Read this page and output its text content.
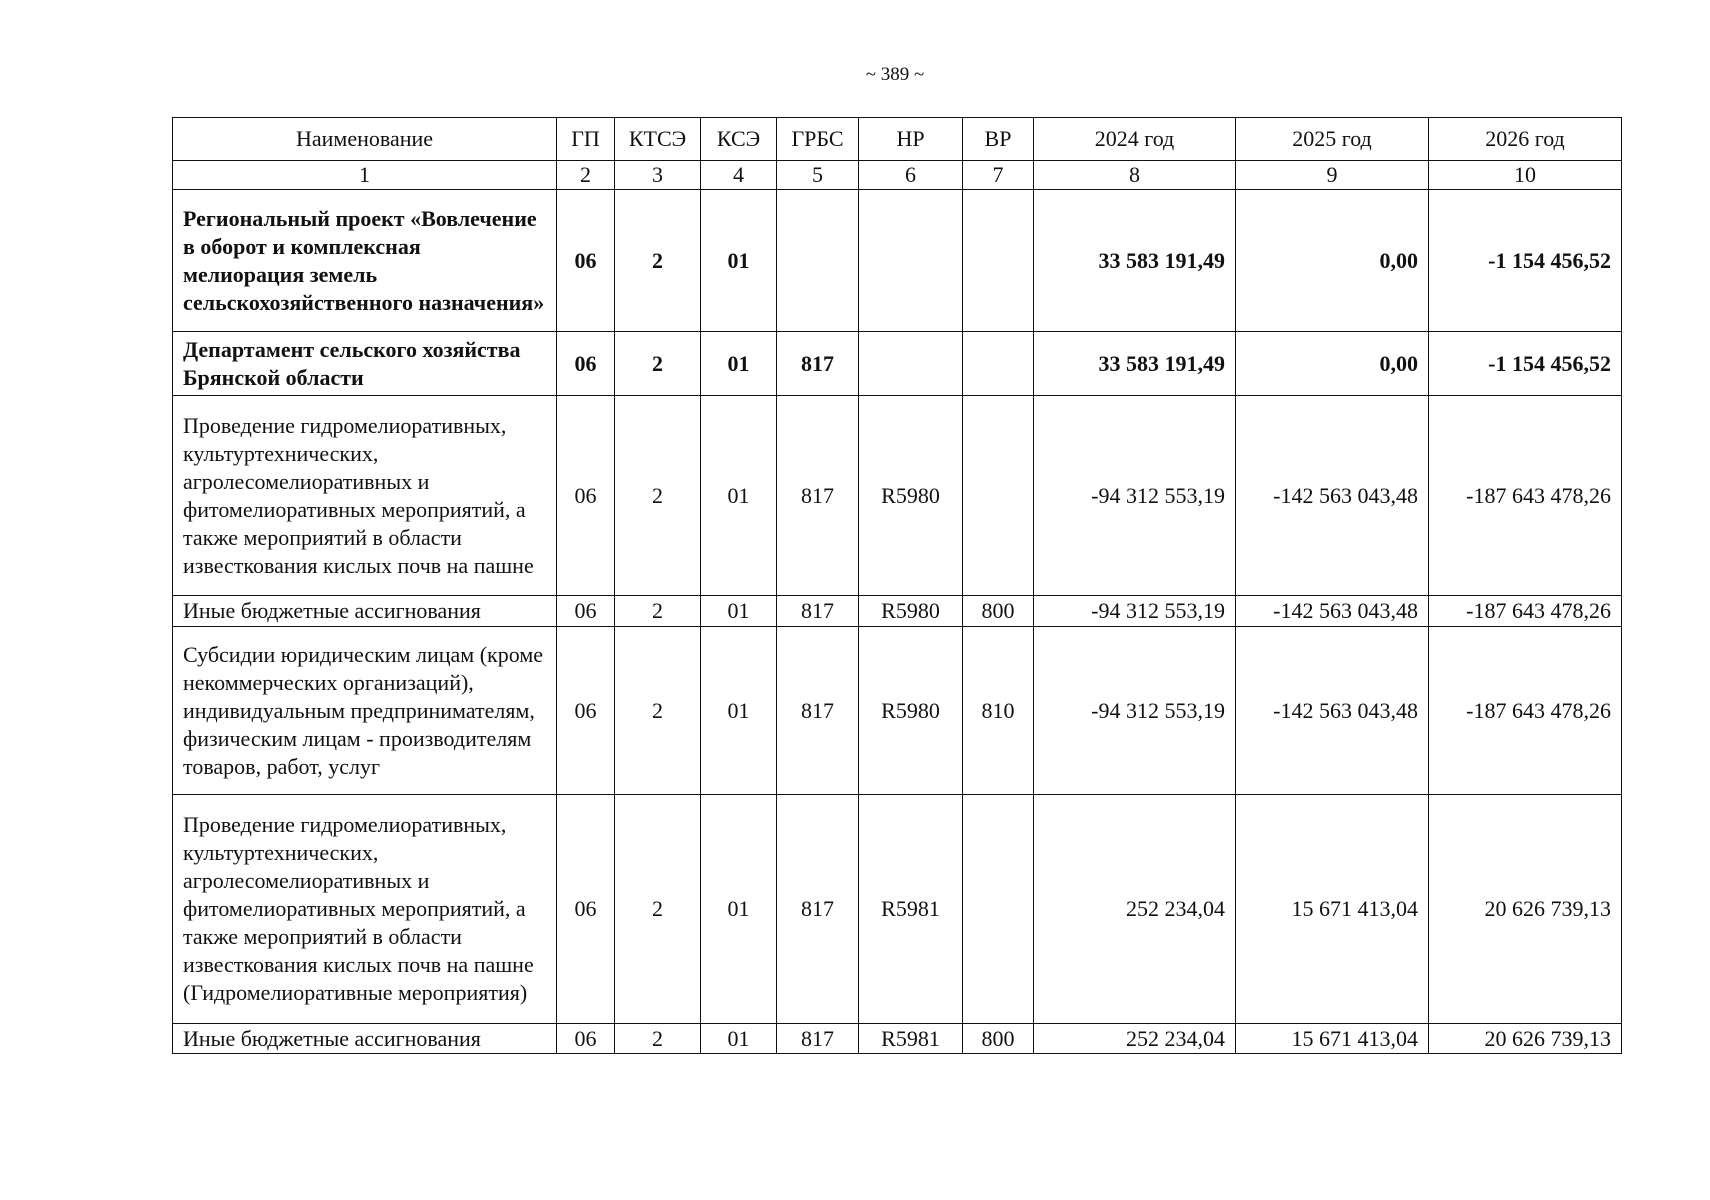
~ 389 ~
Наименование	ГП	КТСЭ	КСЭ	ГРБС	НР	ВР	2024 год	2025 год	2026 год
1	2	3	4	5	6	7	8	9	10
Региональный проект «Вовлечение в оборот и комплексная мелиорация земель сельскохозяйственного назначения»	06	2	01				33 583 191,49	0,00	-1 154 456,52
Департамент сельского хозяйства Брянской области	06	2	01	817			33 583 191,49	0,00	-1 154 456,52
Проведение гидромелиоративных, культуртехнических, агролесомелиоративных и фитомелиоративных мероприятий, а также мероприятий в области известкования кислых почв на пашне	06	2	01	817	R5980		-94 312 553,19	-142 563 043,48	-187 643 478,26
Иные бюджетные ассигнования	06	2	01	817	R5980	800	-94 312 553,19	-142 563 043,48	-187 643 478,26
Субсидии юридическим лицам (кроме некоммерческих организаций), индивидуальным предпринимателям, физическим лицам - производителям товаров, работ, услуг	06	2	01	817	R5980	810	-94 312 553,19	-142 563 043,48	-187 643 478,26
Проведение гидромелиоративных, культуртехнических, агролесомелиоративных и фитомелиоративных мероприятий, а также мероприятий в области известкования кислых почв на пашне (Гидромелиоративные мероприятия)	06	2	01	817	R5981		252 234,04	15 671 413,04	20 626 739,13
Иные бюджетные ассигнования	06	2	01	817	R5981	800	252 234,04	15 671 413,04	20 626 739,13
